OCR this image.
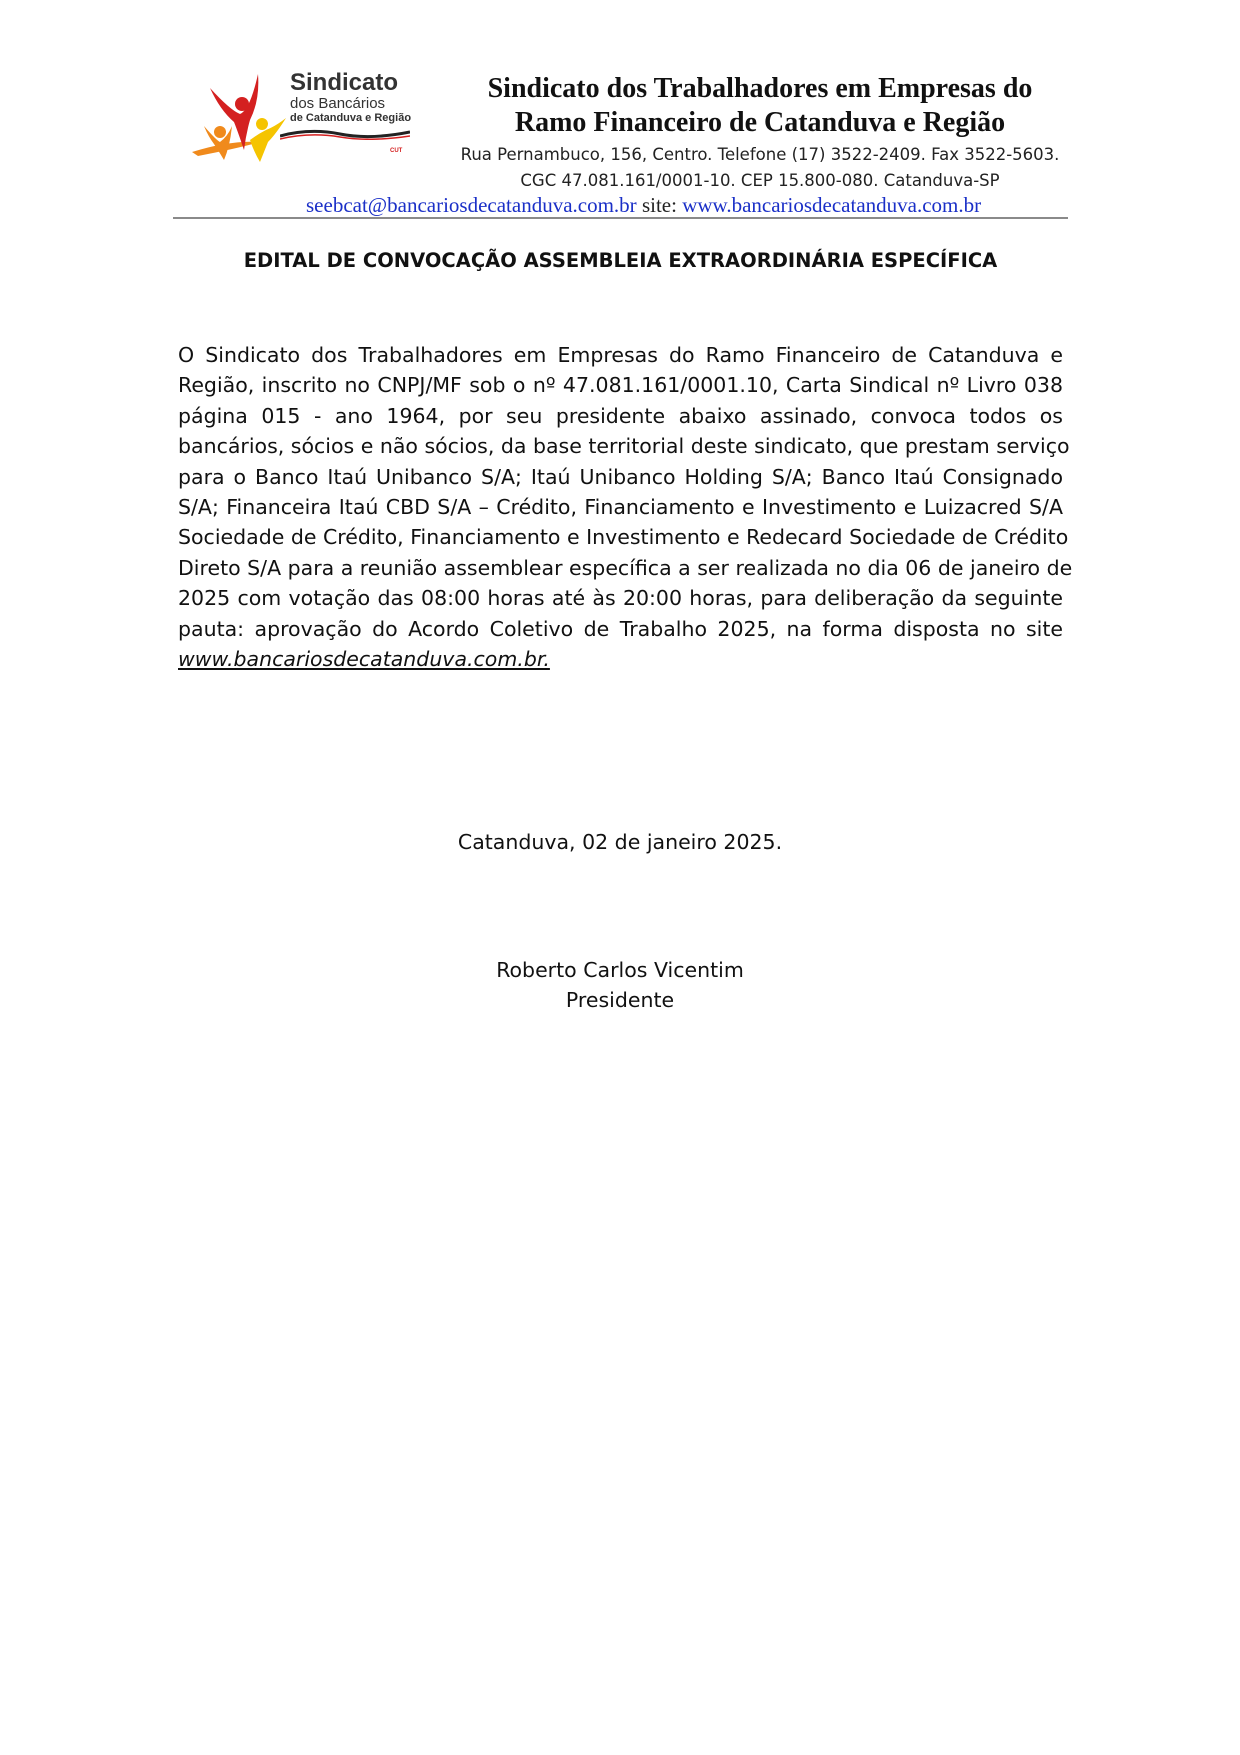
Sindicato
dos Bancários
de Catanduva e Região
CUT
Sindicato dos Trabalhadores em Empresas do
Ramo Financeiro de Catanduva e Região
Rua Pernambuco, 156, Centro. Telefone (17) 3522-2409. Fax 3522-5603.
CGC 47.081.161/0001-10. CEP 15.800-080. Catanduva-SP
seebcat@bancariosdecatanduva.com.br site: www.bancariosdecatanduva.com.br
EDITAL DE CONVOCAÇÃO ASSEMBLEIA EXTRAORDINÁRIA ESPECÍFICA
O Sindicato dos Trabalhadores em Empresas do Ramo Financeiro de Catanduva e
Região, inscrito no CNPJ/MF sob o nº 47.081.161/0001.10, Carta Sindical nº Livro 038
página 015 - ano 1964, por seu presidente abaixo assinado, convoca todos os
bancários, sócios e não sócios, da base territorial deste sindicato, que prestam serviço
para o Banco Itaú Unibanco S/A; Itaú Unibanco Holding S/A; Banco Itaú Consignado
S/A; Financeira Itaú CBD S/A – Crédito, Financiamento e Investimento e Luizacred S/A
Sociedade de Crédito, Financiamento e Investimento e Redecard Sociedade de Crédito
Direto S/A para a reunião assemblear específica a ser realizada no dia 06 de janeiro de
2025 com votação das 08:00 horas até às 20:00 horas, para deliberação da seguinte
pauta: aprovação do Acordo Coletivo de Trabalho 2025, na forma disposta no site
www.bancariosdecatanduva.com.br.
Catanduva, 02 de janeiro 2025.
Roberto Carlos Vicentim
Presidente
